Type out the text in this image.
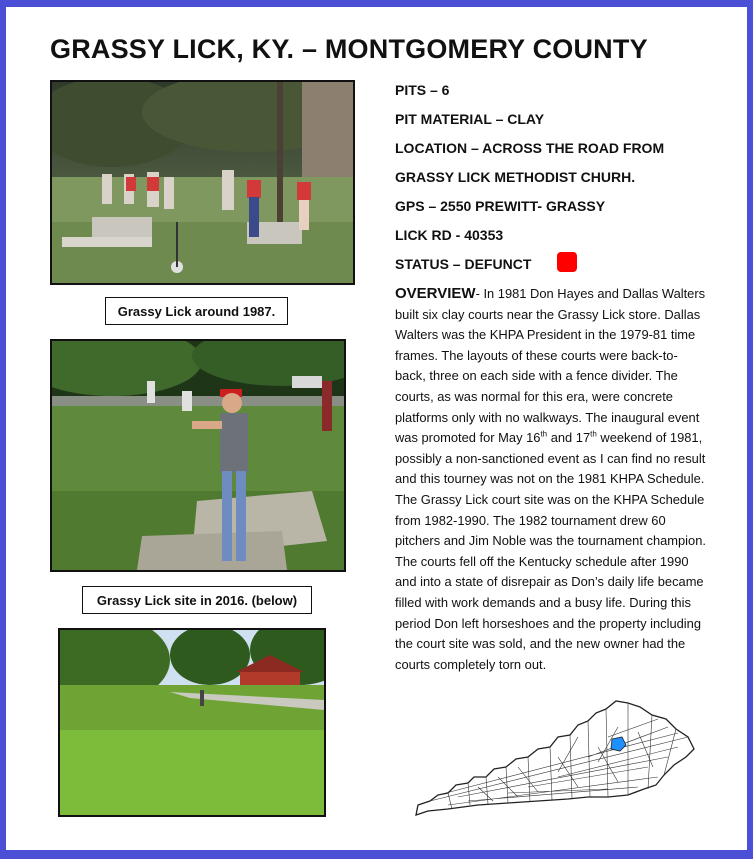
GRASSY LICK, KY. – MONTGOMERY COUNTY
Grassy Lick around 1987.
Grassy Lick site in 2016. (below)
PITS – 6
PIT MATERIAL – CLAY
LOCATION – ACROSS THE ROAD FROM
GRASSY LICK METHODIST CHURH.
GPS – 2550 PREWITT- GRASSY
LICK RD - 40353
STATUS – DEFUNCT
OVERVIEW- In 1981 Don Hayes and Dallas Walters built six clay courts near the Grassy Lick store. Dallas Walters was the KHPA President in the 1979-81 time frames. The layouts of these courts were back-to-back, three on each side with a fence divider. The courts, as was normal for this era, were concrete platforms only with no walkways. The inaugural event was promoted for May 16th and 17th weekend of 1981, possibly a non-sanctioned event as I can find no result and this tourney was not on the 1981 KHPA Schedule. The Grassy Lick court site was on the KHPA Schedule from 1982-1990. The 1982 tournament drew 60 pitchers and Jim Noble was the tournament champion. The courts fell off the Kentucky schedule after 1990 and into a state of disrepair as Don’s daily life became filled with work demands and a busy life. During this period Don left horseshoes and the property including the court site was sold, and the new owner had the courts completely torn out.
